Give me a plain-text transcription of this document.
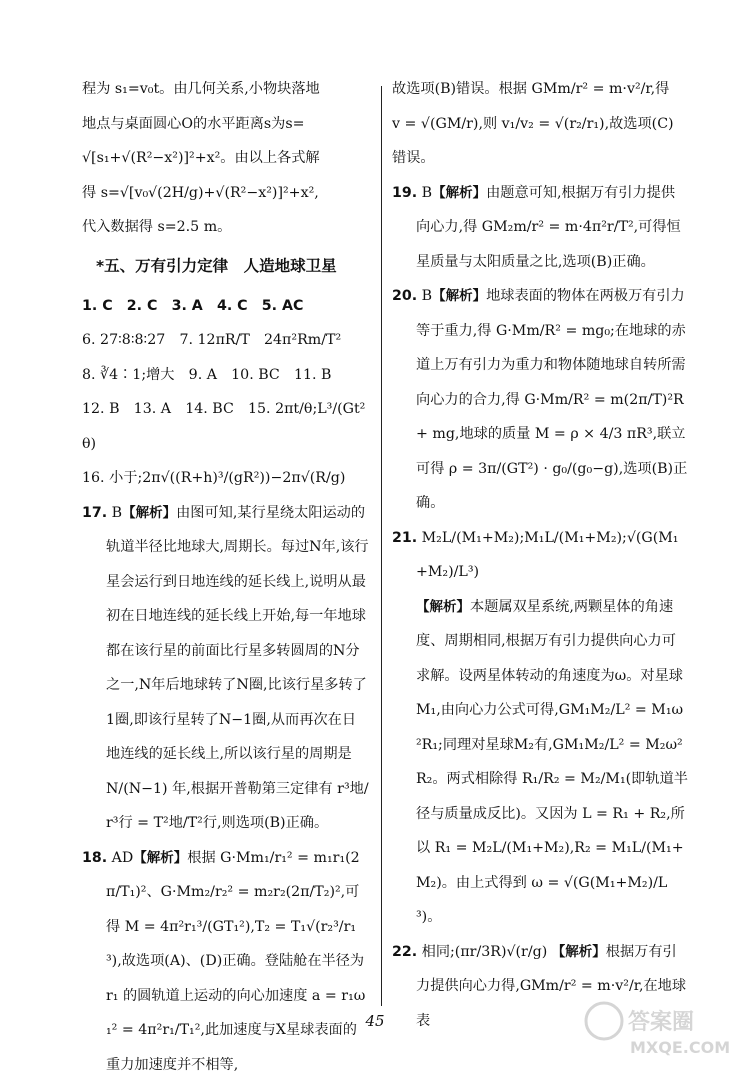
程为 s₁=v₀t。由几何关系,小物块落地

地点与桌面圆心O的水平距离s为s=

√[s₁+√(R²−x²)]²+x²。由以上各式解

得 s=√[v₀√(2H/g)+√(R²−x²)]²+x²,

代入数据得 s=2.5 m。

*五、万有引力定律　人造地球卫星

1. C　2. C　3. A　4. C　5. AC

6. 27∶8∶8∶27　7. 12πR/T　24π²Rm/T²

8. ∛4∶1;增大　9. A　10. BC　11. B

12. B　13. A　14. BC　15. 2πt/θ;L³/(Gt²θ)

16. 小于;2π√((R+h)³/(gR²))−2π√(R/g)

17. B【解析】由图可知,某行星绕太阳运动的轨道半径比地球大,周期长。每过N年,该行星会运行到日地连线的延长线上,说明从最初在日地连线的延长线上开始,每一年地球都在该行星的前面比行星多转圆周的N分之一,N年后地球转了N圈,比该行星多转了1圈,即该行星转了N−1圈,从而再次在日地连线的延长线上,所以该行星的周期是 N/(N−1) 年,根据开普勒第三定律有 r³地/r³行 = T²地/T²行,则选项(B)正确。

18. AD【解析】根据 G·Mm₁/r₁² = m₁r₁(2π/T₁)²、G·Mm₂/r₂² = m₂r₂(2π/T₂)²,可得 M = 4π²r₁³/(GT₁²),T₂ = T₁√(r₂³/r₁³),故选项(A)、(D)正确。登陆舱在半径为 r₁ 的圆轨道上运动的向心加速度 a = r₁ω₁² = 4π²r₁/T₁²,此加速度与X星球表面的重力加速度并不相等,

故选项(B)错误。根据 GMm/r² = m·v²/r,得

v = √(GM/r),则 v₁/v₂ = √(r₂/r₁),故选项(C)

错误。

19. B【解析】由题意可知,根据万有引力提供向心力,得 GM₂m/r² = m·4π²r/T²,可得恒星质量与太阳质量之比,选项(B)正确。

20. B【解析】地球表面的物体在两极万有引力等于重力,得 G·Mm/R² = mg₀;在地球的赤道上万有引力为重力和物体随地球自转所需向心力的合力,得 G·Mm/R² = m(2π/T)²R + mg,地球的质量 M = ρ × 4/3 πR³,联立可得 ρ = 3π/(GT²) · g₀/(g₀−g),选项(B)正确。

21. M₂L/(M₁+M₂);M₁L/(M₁+M₂);√(G(M₁+M₂)/L³)
【解析】本题属双星系统,两颗星体的角速度、周期相同,根据万有引力提供向心力可求解。设两星体转动的角速度为ω。对星球M₁,由向心力公式可得,GM₁M₂/L² = M₁ω²R₁;同理对星球M₂有,GM₁M₂/L² = M₂ω²R₂。两式相除得 R₁/R₂ = M₂/M₁(即轨道半径与质量成反比)。又因为 L = R₁ + R₂,所以 R₁ = M₂L/(M₁+M₂),R₂ = M₁L/(M₁+M₂)。由上式得到 ω = √(G(M₁+M₂)/L³)。

22. 相同;(πr/3R)√(r/g) 【解析】根据万有引力提供向心力得,GMm/r² = m·v²/r,在地球表

45	答案圈
MXQE.COM
